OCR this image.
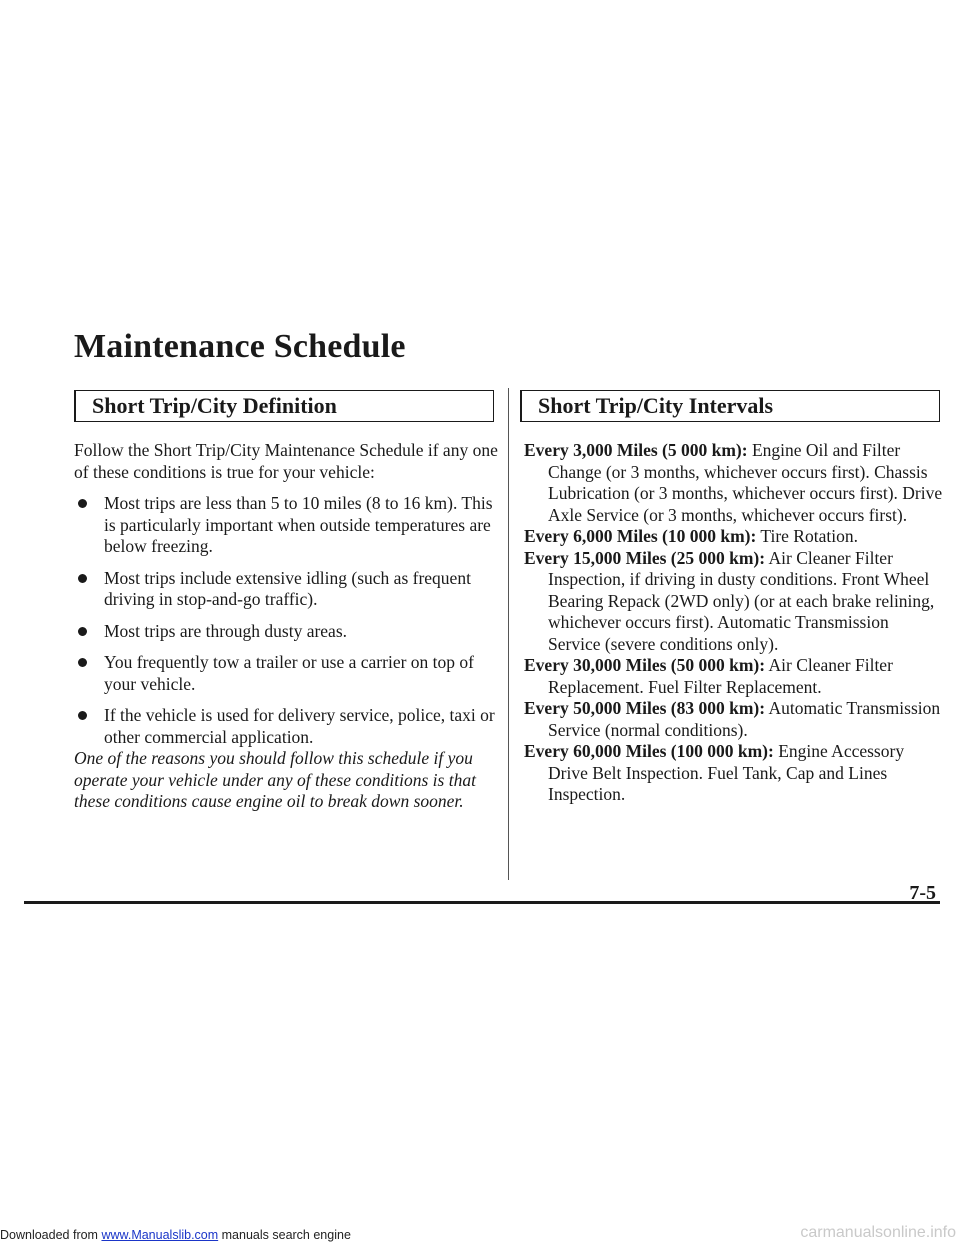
Maintenance Schedule
Short Trip/City Definition

Follow the Short Trip/City Maintenance Schedule if any one of these conditions is true for your vehicle:

Most trips are less than 5 to 10 miles (8 to 16 km). This is particularly important when outside temperatures are below freezing.
Most trips include extensive idling (such as frequent driving in stop-and-go traffic).
Most trips are through dusty areas.
You frequently tow a trailer or use a carrier on top of your vehicle.
If the vehicle is used for delivery service, police, taxi or other commercial application.

One of the reasons you should follow this schedule if you operate your vehicle under any of these conditions is that these conditions cause engine oil to break down sooner.

Short Trip/City Intervals

Every 3,000 Miles (5 000 km): Engine Oil and Filter Change (or 3 months, whichever occurs first). Chassis Lubrication (or 3 months, whichever occurs first). Drive Axle Service (or 3 months, whichever occurs first).

Every 6,000 Miles (10 000 km): Tire Rotation.

Every 15,000 Miles (25 000 km): Air Cleaner Filter Inspection, if driving in dusty conditions. Front Wheel Bearing Repack (2WD only) (or at each brake relining, whichever occurs first). Automatic Transmission Service (severe conditions only).

Every 30,000 Miles (50 000 km): Air Cleaner Filter Replacement. Fuel Filter Replacement.

Every 50,000 Miles (83 000 km): Automatic Transmission Service (normal conditions).

Every 60,000 Miles (100 000 km): Engine Accessory Drive Belt Inspection. Fuel Tank, Cap and Lines Inspection.

7-5
Downloaded from www.Manualslib.com manuals search engine	carmanualsonline.info
